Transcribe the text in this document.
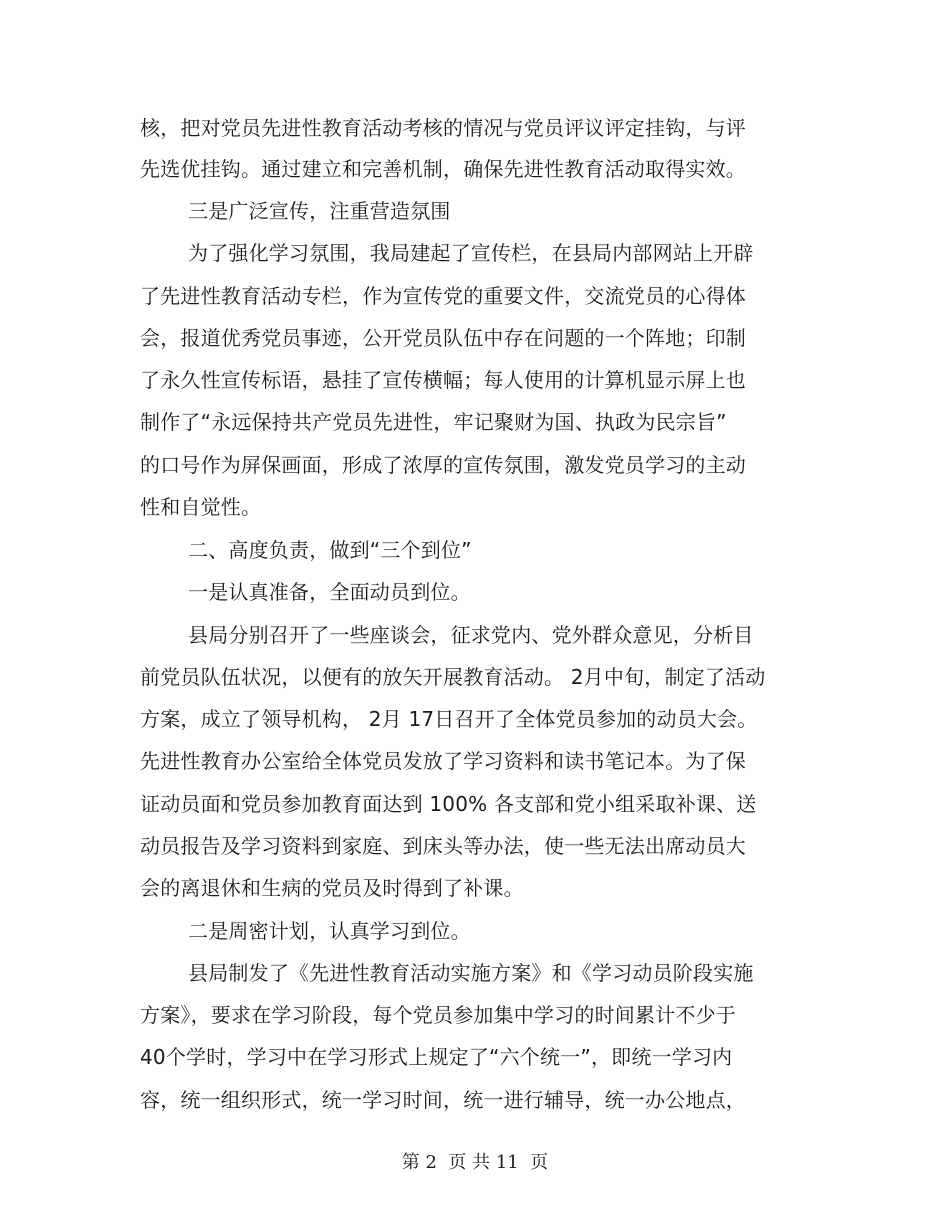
核，把对党员先进性教育活动考核的情况与党员评议评定挂钩，与评
先选优挂钩。通过建立和完善机制，确保先进性教育活动取得实效。
三是广泛宣传，注重营造氛围
为了强化学习氛围，我局建起了宣传栏，在县局内部网站上开辟
了先进性教育活动专栏，作为宣传党的重要文件，交流党员的心得体
会，报道优秀党员事迹，公开党员队伍中存在问题的一个阵地；印制
了永久性宣传标语，悬挂了宣传横幅；每人使用的计算机显示屏上也
制作了“永远保持共产党员先进性，牢记聚财为国、执政为民宗旨”
的口号作为屏保画面，形成了浓厚的宣传氛围，激发党员学习的主动
性和自觉性。
二、高度负责，做到“三个到位”
一是认真准备，全面动员到位。
县局分别召开了一些座谈会，征求党内、党外群众意见，分析目
前党员队伍状况，以便有的放矢开展教育活动。 2月中旬，制定了活动
方案，成立了领导机构， 2月 17日召开了全体党员参加的动员大会。
先进性教育办公室给全体党员发放了学习资料和读书笔记本。为了保
证动员面和党员参加教育面达到 100% 各支部和党小组采取补课、送
动员报告及学习资料到家庭、到床头等办法，使一些无法出席动员大
会的离退休和生病的党员及时得到了补课。
二是周密计划，认真学习到位。
县局制发了《先进性教育活动实施方案》和《学习动员阶段实施
方案》，要求在学习阶段，每个党员参加集中学习的时间累计不少于
40个学时，学习中在学习形式上规定了“六个统一”，即统一学习内
容，统一组织形式，统一学习时间，统一进行辅导，统一办公地点，
第 2  页 共 11  页
